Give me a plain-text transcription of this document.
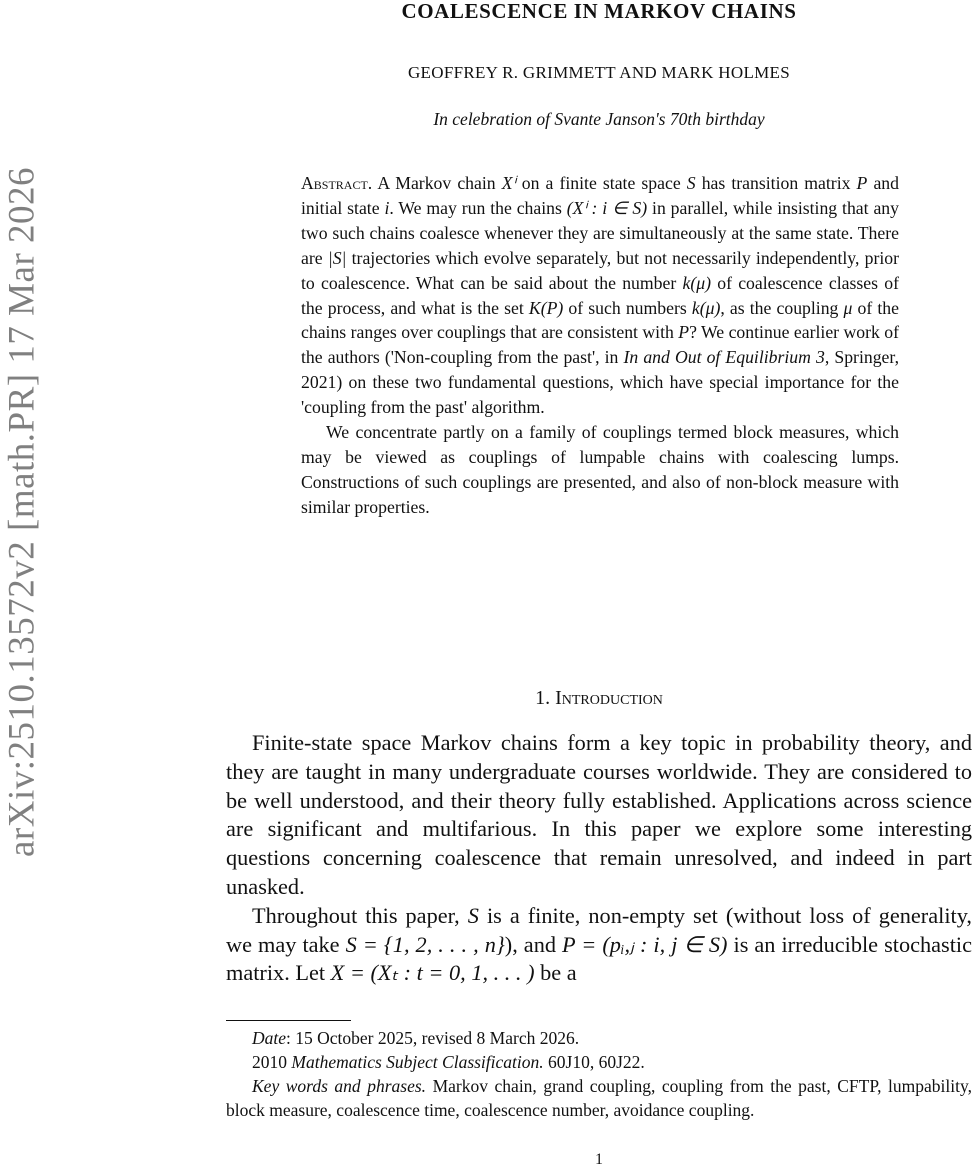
arXiv:2510.13572v2 [math.PR] 17 Mar 2026
COALESCENCE IN MARKOV CHAINS
GEOFFREY R. GRIMMETT AND MARK HOLMES
In celebration of Svante Janson's 70th birthday

Abstract. A Markov chain Xⁱ on a finite state space S has transition matrix P and initial state i. We may run the chains (Xⁱ : i ∈ S) in parallel, while insisting that any two such chains coalesce whenever they are simultaneously at the same state. There are |S| trajectories which evolve separately, but not necessarily independently, prior to coalescence. What can be said about the number k(μ) of coalescence classes of the process, and what is the set K(P) of such numbers k(μ), as the coupling μ of the chains ranges over couplings that are consistent with P? We continue earlier work of the authors ('Non-coupling from the past', in In and Out of Equilibrium 3, Springer, 2021) on these two fundamental questions, which have special importance for the 'coupling from the past' algorithm.

We concentrate partly on a family of couplings termed block measures, which may be viewed as couplings of lumpable chains with coalescing lumps. Constructions of such couplings are presented, and also of non-block measure with similar properties.

1. Introduction

Finite-state space Markov chains form a key topic in probability theory, and they are taught in many undergraduate courses worldwide. They are considered to be well understood, and their theory fully established. Applications across science are significant and multifarious. In this paper we explore some interesting questions concerning coalescence that remain unresolved, and indeed in part unasked.

Throughout this paper, S is a finite, non-empty set (without loss of generality, we may take S = {1, 2, . . . , n}), and P = (pᵢ,ⱼ : i, j ∈ S) is an irreducible stochastic matrix. Let X = (Xₜ : t = 0, 1, . . . ) be a

Date: 15 October 2025, revised 8 March 2026.

2010 Mathematics Subject Classification. 60J10, 60J22.

Key words and phrases. Markov chain, grand coupling, coupling from the past, CFTP, lumpability, block measure, coalescence time, coalescence number, avoidance coupling.

1
